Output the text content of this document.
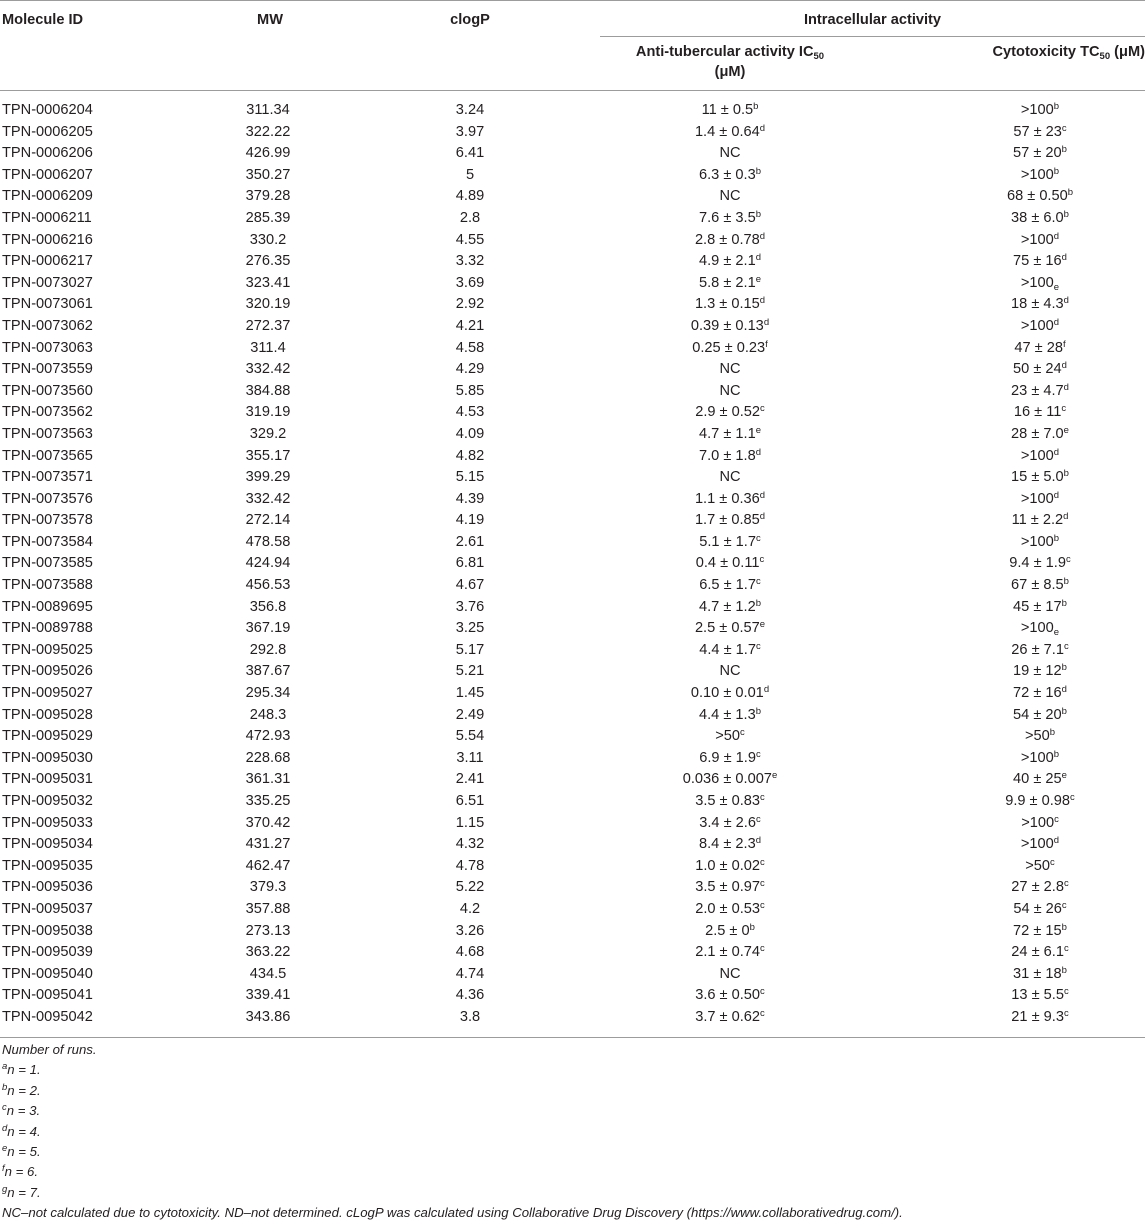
Molecule ID	MW	clogP	Intracellular activity
Anti-tubercular activity $IC_{50}$
(μM)
Cytotoxicity $TC_{50}$ (μM)
TPN-0006204	311.34	3.24	11 ± 0.5$^b$	$>100^b$
TPN-0006205	322.22	3.97	1.4 ± 0.64$^d$	$57 \pm 23^c$
TPN-0006206	426.99	6.41	NC	$57 \pm 20^b$
TPN-0006207	350.27	5	6.3 ± 0.3$^b$	$>100^b$
TPN-0006209	379.28	4.89	NC	68 ± 0.50$^b$
TPN-0006211	285.39	2.8	7.6 ± 3.5$^b$	38 ± 6.0$^b$
TPN-0006216	330.2	4.55	2.8 ± 0.78$^d$	$>100^d$
TPN-0006217	276.35	3.32	4.9 ± 2.1$^d$	$75 \pm 16^d$
TPN-0073027	323.41	3.69	5.8 ± 2.1$^e$	$>100_e$
TPN-0073061	320.19	2.92	1.3 ± 0.15$^d$	18 ± 4.3$^d$
TPN-0073062	272.37	4.21	0.39 ± 0.13$^d$	$>100^d$
TPN-0073063	311.4	4.58	0.25 ± 0.23$^f$	$47 \pm 28^f$
TPN-0073559	332.42	4.29	NC	$50 \pm 24^d$
TPN-0073560	384.88	5.85	NC	23 ± 4.7$^d$
TPN-0073562	319.19	4.53	2.9 ± 0.52$^c$	$16 \pm 11^c$
TPN-0073563	329.2	4.09	4.7 ± 1.1$^e$	28 ± 7.0$^e$
TPN-0073565	355.17	4.82	7.0 ± 1.8$^d$	$>100^d$
TPN-0073571	399.29	5.15	NC	15 ± 5.0$^b$
TPN-0073576	332.42	4.39	1.1 ± 0.36$^d$	$>100^d$
TPN-0073578	272.14	4.19	1.7 ± 0.85$^d$	11 ± 2.2$^d$
TPN-0073584	478.58	2.61	5.1 ± 1.7$^c$	$>100^b$
TPN-0073585	424.94	6.81	0.4 ± 0.11$^c$	9.4 ± 1.9$^c$
TPN-0073588	456.53	4.67	6.5 ± 1.7$^c$	67 ± 8.5$^b$
TPN-0089695	356.8	3.76	4.7 ± 1.2$^b$	$45 \pm 17^b$
TPN-0089788	367.19	3.25	2.5 ± 0.57$^e$	$>100_e$
TPN-0095025	292.8	5.17	4.4 ± 1.7$^c$	26 ± 7.1$^c$
TPN-0095026	387.67	5.21	NC	$19 \pm 12^b$
TPN-0095027	295.34	1.45	0.10 ± 0.01$^d$	$72 \pm 16^d$
TPN-0095028	248.3	2.49	4.4 ± 1.3$^b$	$54 \pm 20^b$
TPN-0095029	472.93	5.54	$>50^c$	$>50^b$
TPN-0095030	228.68	3.11	6.9 ± 1.9$^c$	$>100^b$
TPN-0095031	361.31	2.41	0.036 ± 0.007$^e$	$40 \pm 25^e$
TPN-0095032	335.25	6.51	3.5 ± 0.83$^c$	9.9 ± 0.98$^c$
TPN-0095033	370.42	1.15	3.4 ± 2.6$^c$	$>100^c$
TPN-0095034	431.27	4.32	8.4 ± 2.3$^d$	$>100^d$
TPN-0095035	462.47	4.78	1.0 ± 0.02$^c$	$>50^c$
TPN-0095036	379.3	5.22	3.5 ± 0.97$^c$	27 ± 2.8$^c$
TPN-0095037	357.88	4.2	2.0 ± 0.53$^c$	$54 \pm 26^c$
TPN-0095038	273.13	3.26	$2.5 \pm 0^b$	$72 \pm 15^b$
TPN-0095039	363.22	4.68	2.1 ± 0.74$^c$	24 ± 6.1$^c$
TPN-0095040	434.5	4.74	NC	$31 \pm 18^b$
TPN-0095041	339.41	4.36	3.6 ± 0.50$^c$	13 ± 5.5$^c$
TPN-0095042	343.86	3.8	3.7 ± 0.62$^c$	21 ± 9.3$^c$
Number of runs.
$^a$n = 1.
$^b$n = 2.
$^c$n = 3.
$^d$n = 4.
$^e$n = 5.
$^f$n = 6.
$^g$n = 7.
NC–not calculated due to cytotoxicity. ND–not determined. cLogP was calculated using Collaborative Drug Discovery (https://www.collaborativedrug.com/).
